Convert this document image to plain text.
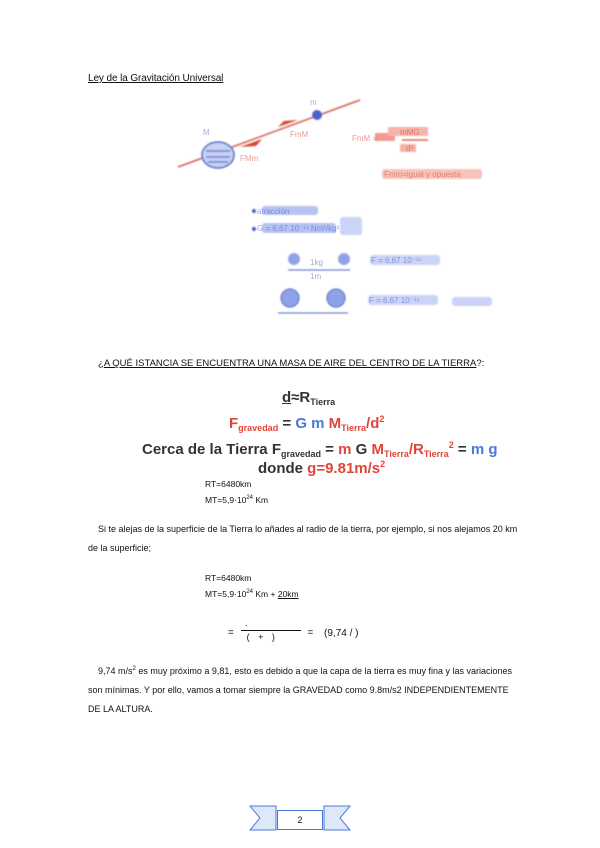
Ley de la Gravitación Universal
M
m
FmM
FMm
FmM =
mMG
d²
Fmm=igual y opuesta
• atracción
• G = 6.67 10⁻¹¹ Nm²/kg²
F = 6.67 10⁻¹¹
F = 6.67 10⁻¹¹
1kg
1m
¿A QUÉ ISTANCIA SE ENCUENTRA UNA MASA DE AIRE DEL CENTRO DE LA TIERRA?:
$d\approx R_{Tierra}$
$F_{gravedad} = G$ m $M_{Tierra}/d^2$
Cerca de la Tierra $F_{gravedad} = m$ G $M_{Tierra}/R_{Tierra}^2 = m$ g
donde $g=9.81m/s^2$
RT=6480km
$MT=5,9\cdot 10^{24}$ Km
Si te alejas de la superficie de la Tierra lo añades al radio de la tierra, por ejemplo, si nos alejamos 20 km de la superficie;
RT=6480km
$MT=5,9\cdot 10^{24}$ Km + 20km
=
·
( + )	= (9,74 / )
9,74 $m/s^2$ es muy próximo a 9,81, esto es debido a que la capa de la tierra es muy fina y las variaciones son mínimas. Y por ello, vamos a tomar siempre la GRAVEDAD como 9.8m/s2 INDEPENDIENTEMENTE DE LA ALTURA.
2
